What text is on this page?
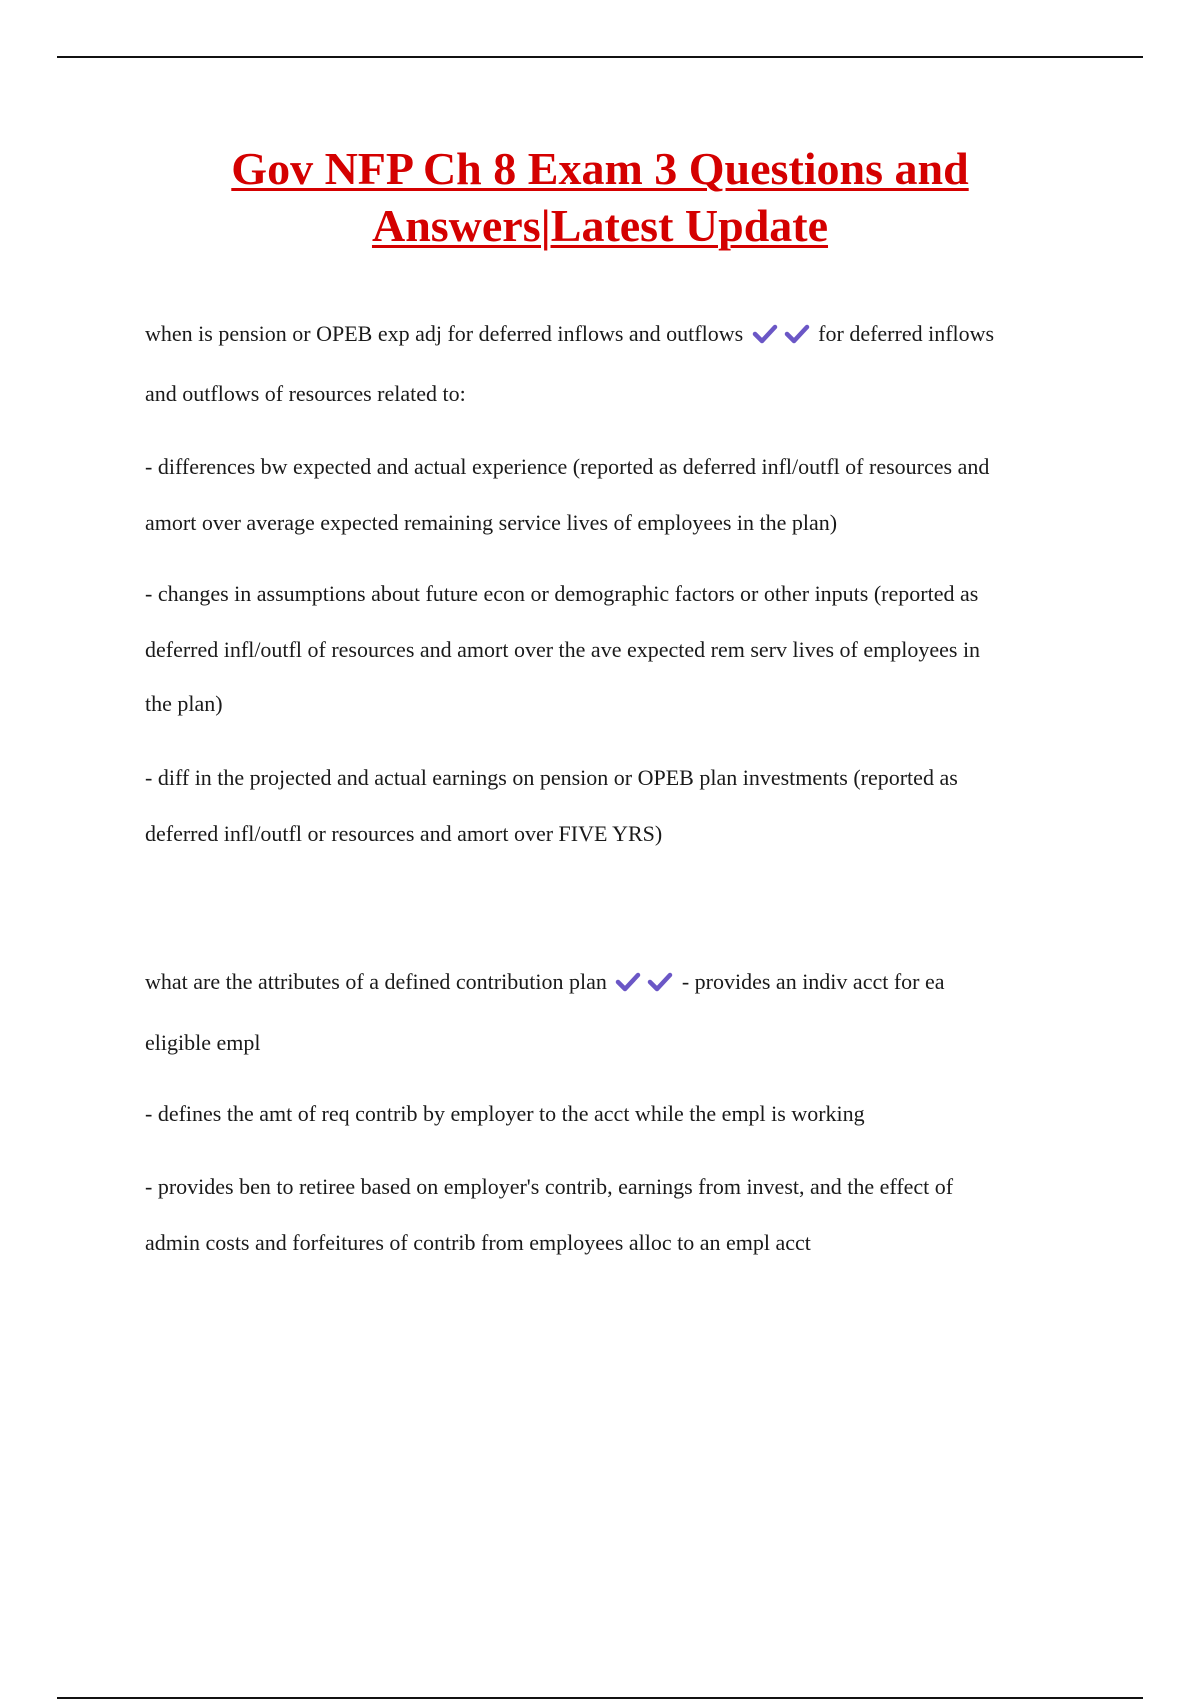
Gov NFP Ch 8 Exam 3 Questions and
Answers|Latest Update

when is pension or OPEB exp adj for deferred inflows and outflows	for deferred inflows

and outflows of resources related to:

- differences bw expected and actual experience (reported as deferred infl/outfl of resources and

amort over average expected remaining service lives of employees in the plan)

- changes in assumptions about future econ or demographic factors or other inputs (reported as

deferred infl/outfl of resources and amort over the ave expected rem serv lives of employees in

the plan)

- diff in the projected and actual earnings on pension or OPEB plan investments (reported as

deferred infl/outfl or resources and amort over FIVE YRS)

what are the attributes of a defined contribution plan	- provides an indiv acct for ea

eligible empl

- defines the amt of req contrib by employer to the acct while the empl is working

- provides ben to retiree based on employer's contrib, earnings from invest, and the effect of

admin costs and forfeitures of contrib from employees alloc to an empl acct
